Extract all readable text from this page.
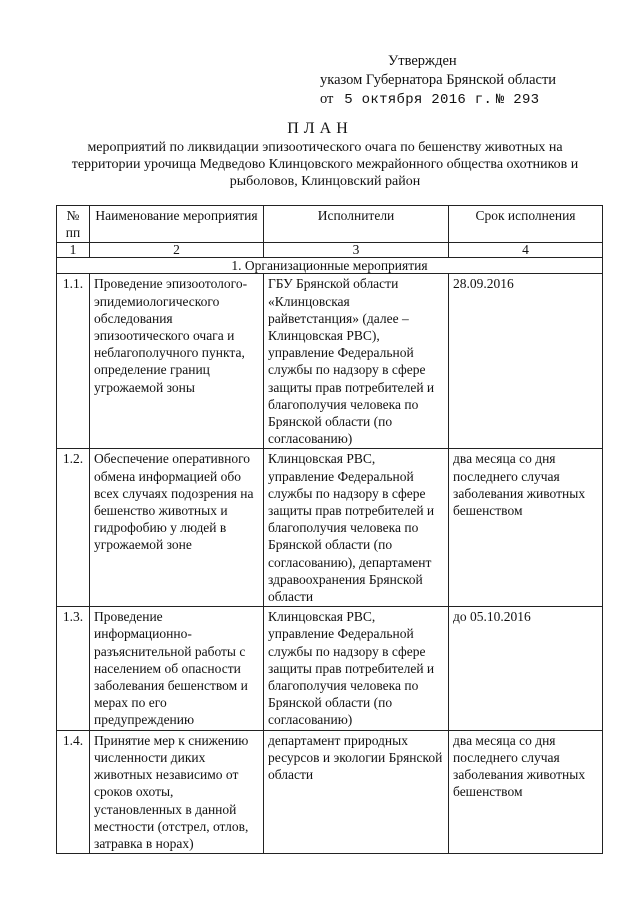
Утвержден
указом Губернатора Брянской области
от 5 октября 2016 г. № 293
ПЛАН
мероприятий по ликвидации эпизоотического очага по бешенству животных на территории урочища Медведово Клинцовского межрайонного общества охотников и рыболовов, Клинцовский район
№ пп	Наименование мероприятия	Исполнители	Срок исполнения
1	2	3	4
1. Организационные мероприятия			
1.1.	Проведение эпизоотолого-эпидемиологического обследования эпизоотического очага и неблагополучного пункта, определение границ угрожаемой зоны	ГБУ Брянской области «Клинцовская райветстанция» (далее – Клинцовская РВС), управление Федеральной службы по надзору в сфере защиты прав потребителей и благополучия человека по Брянской области (по согласованию)	28.09.2016
1.2.	Обеспечение оперативного обмена информацией обо всех случаях подозрения на бешенство животных и гидрофобию у людей в угрожаемой зоне	Клинцовская РВС, управление Федеральной службы по надзору в сфере защиты прав потребителей и благополучия человека по Брянской области (по согласованию), департамент здравоохранения Брянской области	два месяца со дня последнего случая заболевания животных бешенством
1.3.	Проведение информационно-разъяснительной работы с населением об опасности заболевания бешенством и мерах по его предупреждению	Клинцовская РВС, управление Федеральной службы по надзору в сфере защиты прав потребителей и благополучия человека по Брянской области (по согласованию)	до 05.10.2016
1.4.	Принятие мер к снижению численности диких животных независимо от сроков охоты, установленных в данной местности (отстрел, отлов, затравка в норах)	департамент природных ресурсов и экологии Брянской области	два месяца со дня последнего случая заболевания животных бешенством
